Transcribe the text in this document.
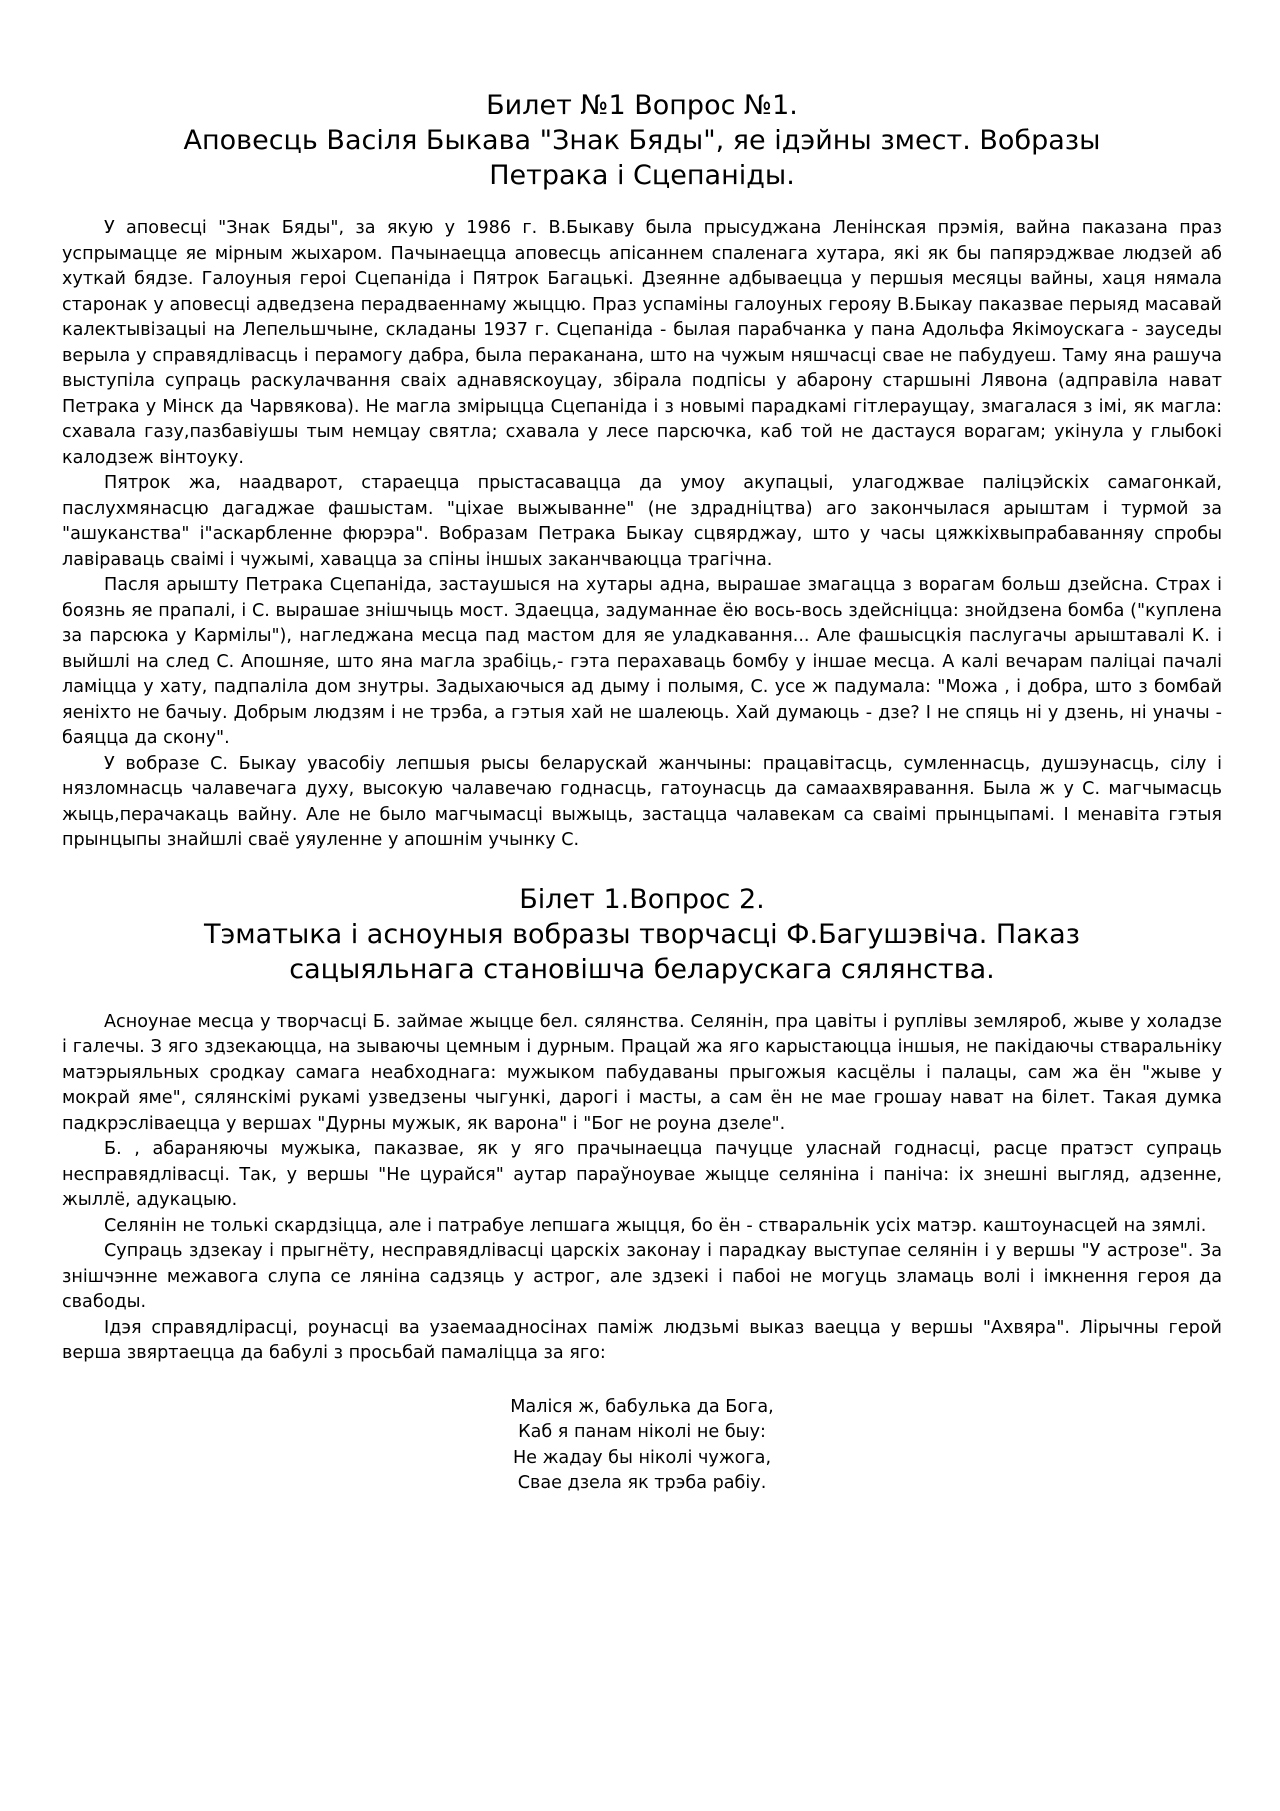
Билет №1 Вопрос №1.
Аповесць Васіля Быкава "Знак Бяды", яе ідэйны змест. Вобразы
Петрака і Сцепаніды.

У аповесці "Знак Бяды", за якую у 1986 г. В.Быкаву была прысуджана Ленінская прэмія, вайна паказана праз успрымацце яе мірным жыхаром. Пачынаецца аповесць апісаннем спаленага хутара, які як бы папярэджвае людзей аб хуткай бядзе. Галоуныя героі Сцепаніда і Пятрок Багацькі. Дзеянне адбываецца у першыя месяцы вайны, хаця нямала старонак у аповесці адведзена перадваеннаму жыццю. Праз успаміны галоуных герояу В.Быкау паказвае перыяд масавай калектывізацыі на Лепельшчыне, складаны 1937 г. Сцепаніда - былая парабчанка у пана Адольфа Якімоускага - зауседы верыла у справядлівасць і перамогу дабра, была перакананa, што на чужым няшчасці свае не пабудуеш. Таму яна рашуча выступіла супраць раскулачвання сваіх аднавяскоуцау, збірала подпісы у абарону старшыні Лявона (адправіла нават Петрака у Мінск да Чарвякова). Не магла змірыцца Сцепаніда і з новымі парадкамі гітлераущау, змагалася з імі, як магла: схавала газу,пазбавіушы тым немцау святла; схавала у лесе парсючка, каб той не дастауся ворагам; укінула у глыбокі калодзеж вінтоуку.

Пятрок жа, наадварот, стараецца прыстасавацца да умоу акупацыі, улагоджвае паліцэйскіх самагонкай, паслухмянасцю дагаджае фашыстам. "ціхае выжыванне" (не здрадніцтва) аго закончылася арыштам і турмой за "ашуканства" і"аскарбленне фюрэра". Вобразам Петрака Быкау сцвярджау, што у часы цяжкіхвыпрабаванняу спробы лавіраваць сваімі і чужымі, хавацца за спіны іншых заканчваюцца трагічна.

Пасля арышту Петрака Сцепаніда, застаушыся на хутары адна, вырашае змагацца з ворагам больш дзейсна. Страх і боязнь яе прапалі, і С. вырашае знішчыць мост. Здаецца, задуманнае ёю вось-вось здейсніцца: знойдзена бомба ("куплена за парсюка у Кармілы"), нагледжана месца пад мастом для яе уладкавання... Але фашысцкія паслугачы арыштавалі К. і выйшлі на след С. Апошняе, што яна магла зрабіць,- гэта перахаваць бомбу у іншае месца. А калі вечарам паліцаі пачалі ламіцца у хату, падпаліла дом знутры. Задыхаючыся ад дыму і полымя, С. усе ж падумала: "Можа , і добра, што з бомбай яеніхто не бачыу. Добрым людзям і не трэба, а гэтыя хай не шалеюць. Хай думаюць - дзе? I не спяць ні у дзень, ні уначы - баяцца да скону".

У вобразе С. Быкау увасобіу лепшыя рысы беларускай жанчыны: працавітасць, сумленнасць, душэунасць, сілу і нязломнасць чалавечага духу, высокую чалавечаю годнасць, гатоунасць да самаахвяравання. Была ж у С. магчымасць жыць,перачакаць вайну. Але не было магчымасці выжыць, застацца чалавекам са сваімі прынцыпамі. I менавіта гэтыя прынцыпы знайшлі сваё уяуленне у апошнім учынку С.

Білет 1.Вопрос 2.
Тэматыка і асноуныя вобразы творчасці Ф.Багушэвіча. Паказ
сацыяльнага становішча беларускага сялянства.

Асноунае месца у творчасці Б. займае жыцце бел. сялянства. Селянін, пра цавіты і руплівы земляроб, жыве у холадзе і галечы. З яго здзекаюцца, на зываючы цемным і дурным. Працай жа яго карыстаюцца іншыя, не пакідаючы стваральніку матэрыяльных сродкау самага неабходнага: мужыком пабудаваны прыгожыя касцёлы і палацы, сам жа ён "жыве у мокрай яме", сялянскімі рукамі узведзены чыгункі, дарогі і масты, а сам ён не мае грошау нават на білет. Такая думка падкрэсліваецца у вершах "Дурны мужык, як варона" і "Бог не роуна дзеле".

Б. , абараняючы мужыка, паказвае, як у яго прачынаецца пачуцце уласнай годнасці, расце пратэст супраць несправядлівасці. Так, у вершы "Не цурайся" аутар параўноувае жыцце селяніна і паніча: іх знешні выгляд, адзенне, жыллё, адукацыю.

Селянін не толькі скардзіцца, але і патрабуе лепшага жыцця, бо ён - стваральнік усіх матэр. каштоунасцей на зямлі.

Супраць здзекау і прыгнёту, несправядлівасці царскіх законау і парадкау выступае селянін і у вершы "У астрозе". За знішчэнне межавога слупа се ляніна садзяць у астрог, але здзекі і пабоі не могуць зламаць волі і імкнення героя да свабоды.

Ідэя справядлірасці, роунасці ва узаемаадносінах паміж людзьмі выказ ваецца у вершы "Ахвяра". Лірычны герой верша звяртаецца да бабулі з просьбай памаліцца за яго:

Маліся ж, бабулька да Бога,
Каб я панам ніколі не быу:
Не жадау бы ніколі чужога,
Свае дзела як трэба рабіу.
